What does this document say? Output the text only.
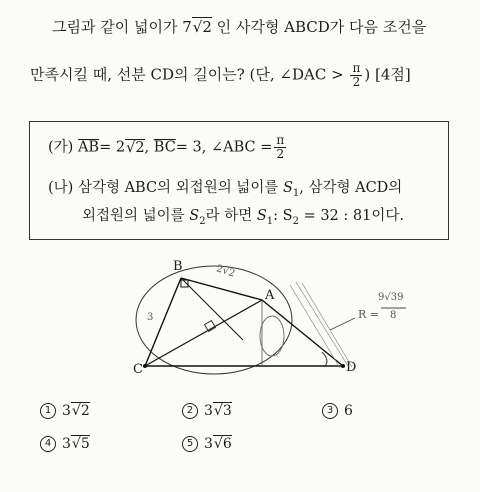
그림과 같이 넓이가 7√2 인 사각형 ABCD가 다음 조건을
만족시킬 때, 선분 CD의 길이는? (단, ∠DAC > $\frac{\pi}{2}$ ) [4점]
(가) $\overline{AB}= 2√2$, $\overline{BC}= 3$, ∠ABC = $\frac{\pi}{2}$
(나) 삼각형 ABC의 외접원의 넓이를 $S_1$, 삼각형 ACD의
외접원의 넓이를 $S_2$라 하면 $S_1$: $S_2 = 32$ : 81이다.
B
A
C	D
2√2
3	R =
9√39
8
1 3√2	2 3√3	3 6
4 3√5	5 3√6
